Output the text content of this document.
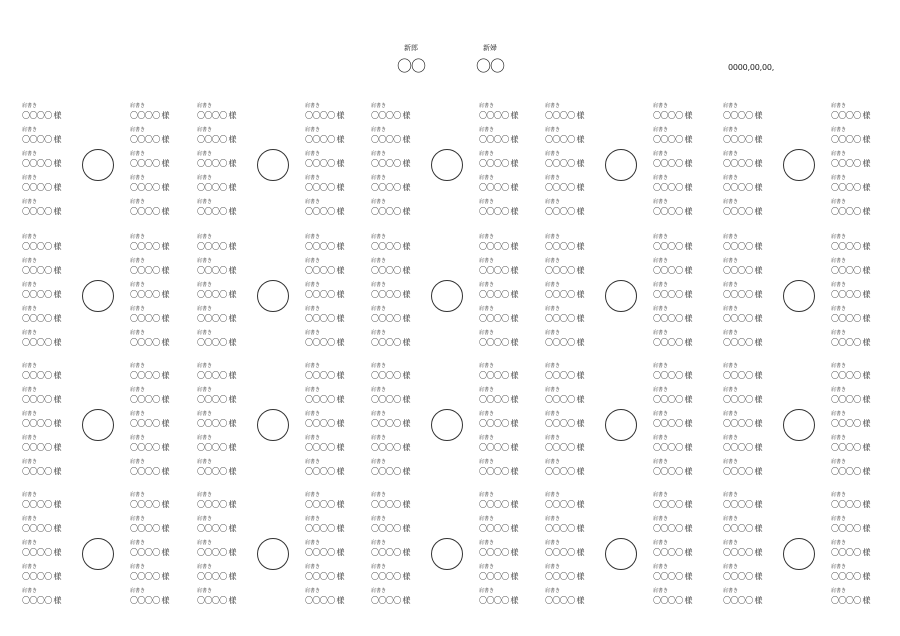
新郎
〇〇
新婦
〇〇	0000,00,00,
肩書き
〇〇〇〇 様
肩書き
〇〇〇〇 様
肩書き
〇〇〇〇 様
肩書き
〇〇〇〇 様
肩書き
〇〇〇〇 様
肩書き
〇〇〇〇 様
肩書き
〇〇〇〇 様
肩書き
〇〇〇〇 様
肩書き
〇〇〇〇 様
肩書き
〇〇〇〇 様
肩書き
〇〇〇〇 様
肩書き
〇〇〇〇 様
肩書き
〇〇〇〇 様
肩書き
〇〇〇〇 様
肩書き
〇〇〇〇 様
肩書き
〇〇〇〇 様
肩書き
〇〇〇〇 様
肩書き
〇〇〇〇 様
肩書き
〇〇〇〇 様
肩書き
〇〇〇〇 様
肩書き
〇〇〇〇 様
肩書き
〇〇〇〇 様
肩書き
〇〇〇〇 様
肩書き
〇〇〇〇 様
肩書き
〇〇〇〇 様
肩書き
〇〇〇〇 様
肩書き
〇〇〇〇 様
肩書き
〇〇〇〇 様
肩書き
〇〇〇〇 様
肩書き
〇〇〇〇 様
肩書き
〇〇〇〇 様
肩書き
〇〇〇〇 様
肩書き
〇〇〇〇 様
肩書き
〇〇〇〇 様
肩書き
〇〇〇〇 様
肩書き
〇〇〇〇 様
肩書き
〇〇〇〇 様
肩書き
〇〇〇〇 様
肩書き
〇〇〇〇 様
肩書き
〇〇〇〇 様
肩書き
〇〇〇〇 様
肩書き
〇〇〇〇 様
肩書き
〇〇〇〇 様
肩書き
〇〇〇〇 様
肩書き
〇〇〇〇 様
肩書き
〇〇〇〇 様
肩書き
〇〇〇〇 様
肩書き
〇〇〇〇 様
肩書き
〇〇〇〇 様
肩書き
〇〇〇〇 様
肩書き
〇〇〇〇 様
肩書き
〇〇〇〇 様
肩書き
〇〇〇〇 様
肩書き
〇〇〇〇 様
肩書き
〇〇〇〇 様
肩書き
〇〇〇〇 様
肩書き
〇〇〇〇 様
肩書き
〇〇〇〇 様
肩書き
〇〇〇〇 様
肩書き
〇〇〇〇 様
肩書き
〇〇〇〇 様
肩書き
〇〇〇〇 様
肩書き
〇〇〇〇 様
肩書き
〇〇〇〇 様
肩書き
〇〇〇〇 様
肩書き
〇〇〇〇 様
肩書き
〇〇〇〇 様
肩書き
〇〇〇〇 様
肩書き
〇〇〇〇 様
肩書き
〇〇〇〇 様
肩書き
〇〇〇〇 様
肩書き
〇〇〇〇 様
肩書き
〇〇〇〇 様
肩書き
〇〇〇〇 様
肩書き
〇〇〇〇 様
肩書き
〇〇〇〇 様
肩書き
〇〇〇〇 様
肩書き
〇〇〇〇 様
肩書き
〇〇〇〇 様
肩書き
〇〇〇〇 様
肩書き
〇〇〇〇 様
肩書き
〇〇〇〇 様
肩書き
〇〇〇〇 様
肩書き
〇〇〇〇 様
肩書き
〇〇〇〇 様
肩書き
〇〇〇〇 様
肩書き
〇〇〇〇 様
肩書き
〇〇〇〇 様
肩書き
〇〇〇〇 様
肩書き
〇〇〇〇 様
肩書き
〇〇〇〇 様
肩書き
〇〇〇〇 様
肩書き
〇〇〇〇 様
肩書き
〇〇〇〇 様
肩書き
〇〇〇〇 様
肩書き
〇〇〇〇 様
肩書き
〇〇〇〇 様
肩書き
〇〇〇〇 様
肩書き
〇〇〇〇 様
肩書き
〇〇〇〇 様
肩書き
〇〇〇〇 様
肩書き
〇〇〇〇 様
肩書き
〇〇〇〇 様
肩書き
〇〇〇〇 様
肩書き
〇〇〇〇 様
肩書き
〇〇〇〇 様
肩書き
〇〇〇〇 様
肩書き
〇〇〇〇 様
肩書き
〇〇〇〇 様
肩書き
〇〇〇〇 様
肩書き
〇〇〇〇 様
肩書き
〇〇〇〇 様
肩書き
〇〇〇〇 様
肩書き
〇〇〇〇 様
肩書き
〇〇〇〇 様
肩書き
〇〇〇〇 様
肩書き
〇〇〇〇 様
肩書き
〇〇〇〇 様
肩書き
〇〇〇〇 様
肩書き
〇〇〇〇 様
肩書き
〇〇〇〇 様
肩書き
〇〇〇〇 様
肩書き
〇〇〇〇 様
肩書き
〇〇〇〇 様
肩書き
〇〇〇〇 様
肩書き
〇〇〇〇 様
肩書き
〇〇〇〇 様
肩書き
〇〇〇〇 様
肩書き
〇〇〇〇 様
肩書き
〇〇〇〇 様
肩書き
〇〇〇〇 様
肩書き
〇〇〇〇 様
肩書き
〇〇〇〇 様
肩書き
〇〇〇〇 様
肩書き
〇〇〇〇 様
肩書き
〇〇〇〇 様
肩書き
〇〇〇〇 様
肩書き
〇〇〇〇 様
肩書き
〇〇〇〇 様
肩書き
〇〇〇〇 様
肩書き
〇〇〇〇 様
肩書き
〇〇〇〇 様
肩書き
〇〇〇〇 様
肩書き
〇〇〇〇 様
肩書き
〇〇〇〇 様
肩書き
〇〇〇〇 様
肩書き
〇〇〇〇 様
肩書き
〇〇〇〇 様
肩書き
〇〇〇〇 様
肩書き
〇〇〇〇 様
肩書き
〇〇〇〇 様
肩書き
〇〇〇〇 様
肩書き
〇〇〇〇 様
肩書き
〇〇〇〇 様
肩書き
〇〇〇〇 様
肩書き
〇〇〇〇 様
肩書き
〇〇〇〇 様
肩書き
〇〇〇〇 様
肩書き
〇〇〇〇 様
肩書き
〇〇〇〇 様
肩書き
〇〇〇〇 様
肩書き
〇〇〇〇 様
肩書き
〇〇〇〇 様
肩書き
〇〇〇〇 様
肩書き
〇〇〇〇 様
肩書き
〇〇〇〇 様
肩書き
〇〇〇〇 様
肩書き
〇〇〇〇 様
肩書き
〇〇〇〇 様
肩書き
〇〇〇〇 様
肩書き
〇〇〇〇 様
肩書き
〇〇〇〇 様
肩書き
〇〇〇〇 様
肩書き
〇〇〇〇 様
肩書き
〇〇〇〇 様
肩書き
〇〇〇〇 様
肩書き
〇〇〇〇 様
肩書き
〇〇〇〇 様
肩書き
〇〇〇〇 様
肩書き
〇〇〇〇 様
肩書き
〇〇〇〇 様
肩書き
〇〇〇〇 様
肩書き
〇〇〇〇 様
肩書き
〇〇〇〇 様
肩書き
〇〇〇〇 様
肩書き
〇〇〇〇 様
肩書き
〇〇〇〇 様
肩書き
〇〇〇〇 様
肩書き
〇〇〇〇 様
肩書き
〇〇〇〇 様
肩書き
〇〇〇〇 様
肩書き
〇〇〇〇 様
肩書き
〇〇〇〇 様
肩書き
〇〇〇〇 様
肩書き
〇〇〇〇 様
肩書き
〇〇〇〇 様
肩書き
〇〇〇〇 様
肩書き
〇〇〇〇 様
肩書き
〇〇〇〇 様
肩書き
〇〇〇〇 様
